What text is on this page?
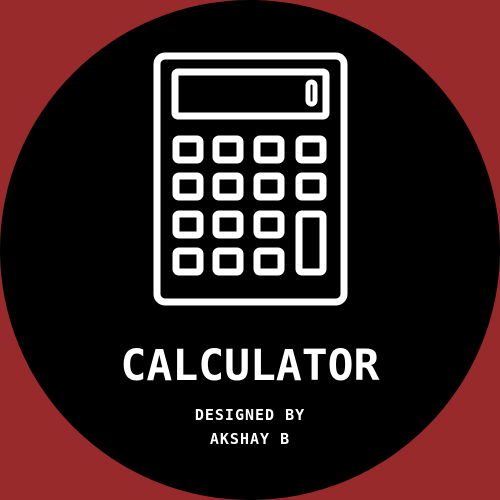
CALCULATOR
DESIGNED BY
AKSHAY B
